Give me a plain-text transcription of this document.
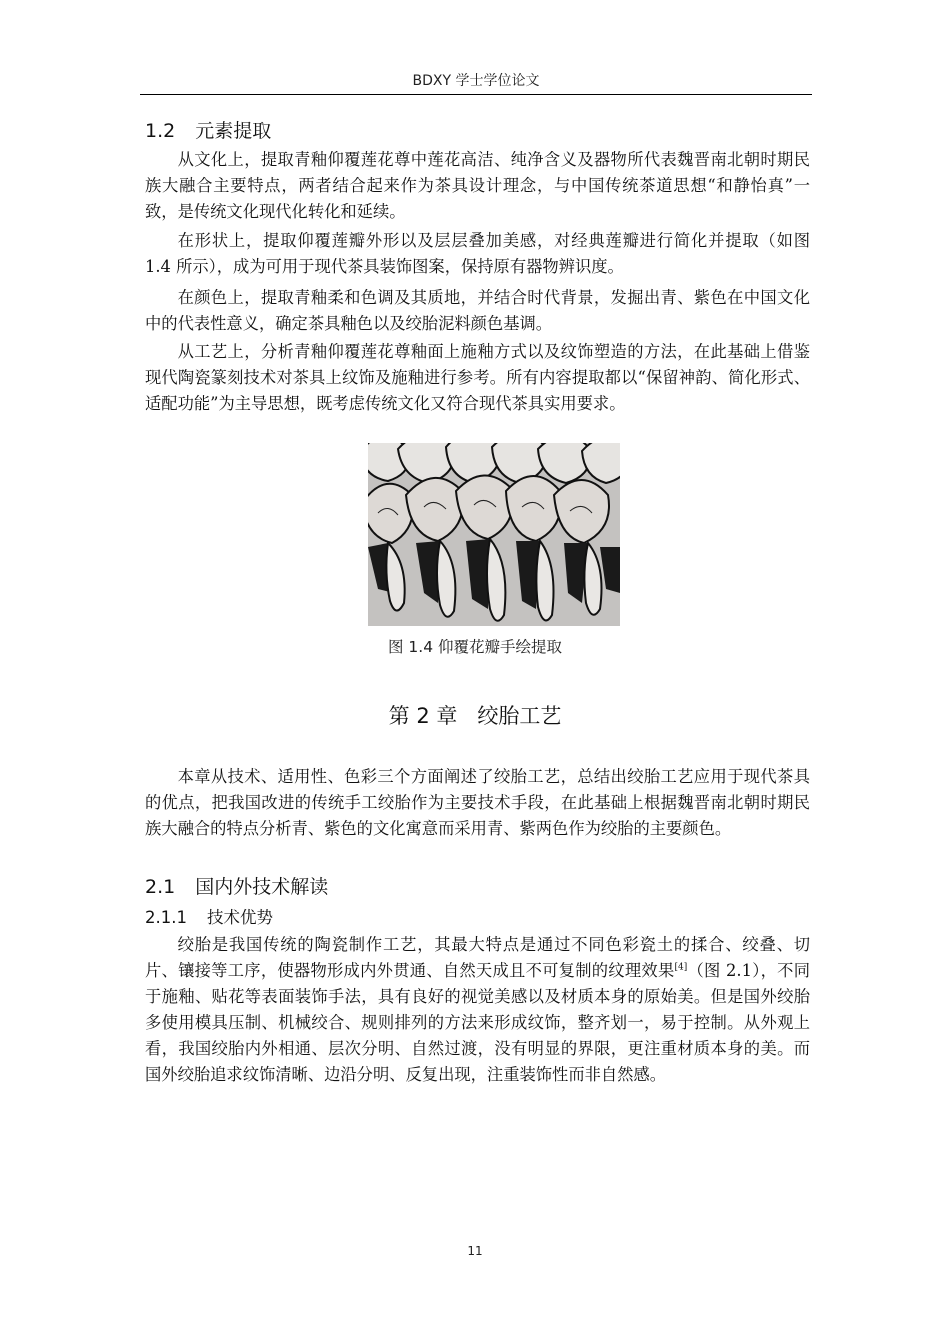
BDXY 学士学位论文
1.2 元素提取

从文化上，提取青釉仰覆莲花尊中莲花高洁、纯净含义及器物所代表魏晋南北朝时期民族大融合主要特点，两者结合起来作为茶具设计理念，与中国传统茶道思想“和静怡真”一致，是传统文化现代化转化和延续。

在形状上，提取仰覆莲瓣外形以及层层叠加美感，对经典莲瓣进行简化并提取（如图 1.4 所示），成为可用于现代茶具装饰图案，保持原有器物辨识度。

在颜色上，提取青釉柔和色调及其质地，并结合时代背景，发掘出青、紫色在中国文化中的代表性意义，确定茶具釉色以及绞胎泥料颜色基调。

从工艺上，分析青釉仰覆莲花尊釉面上施釉方式以及纹饰塑造的方法，在此基础上借鉴现代陶瓷篆刻技术对茶具上纹饰及施釉进行参考。所有内容提取都以“保留神韵、简化形式、适配功能”为主导思想，既考虑传统文化又符合现代茶具实用要求。

图 1.4 仰覆花瓣手绘提取
第 2 章 绞胎工艺

本章从技术、适用性、色彩三个方面阐述了绞胎工艺，总结出绞胎工艺应用于现代茶具的优点，把我国改进的传统手工绞胎作为主要技术手段，在此基础上根据魏晋南北朝时期民族大融合的特点分析青、紫色的文化寓意而采用青、紫两色作为绞胎的主要颜色。

2.1 国内外技术解读
2.1.1 技术优势

绞胎是我国传统的陶瓷制作工艺，其最大特点是通过不同色彩瓷土的揉合、绞叠、切片、镶接等工序，使器物形成内外贯通、自然天成且不可复制的纹理效果[4]（图 2.1），不同于施釉、贴花等表面装饰手法，具有良好的视觉美感以及材质本身的原始美。但是国外绞胎多使用模具压制、机械绞合、规则排列的方法来形成纹饰，整齐划一，易于控制。从外观上看，我国绞胎内外相通、层次分明、自然过渡，没有明显的界限，更注重材质本身的美。而国外绞胎追求纹饰清晰、边沿分明、反复出现，注重装饰性而非自然感。

11
